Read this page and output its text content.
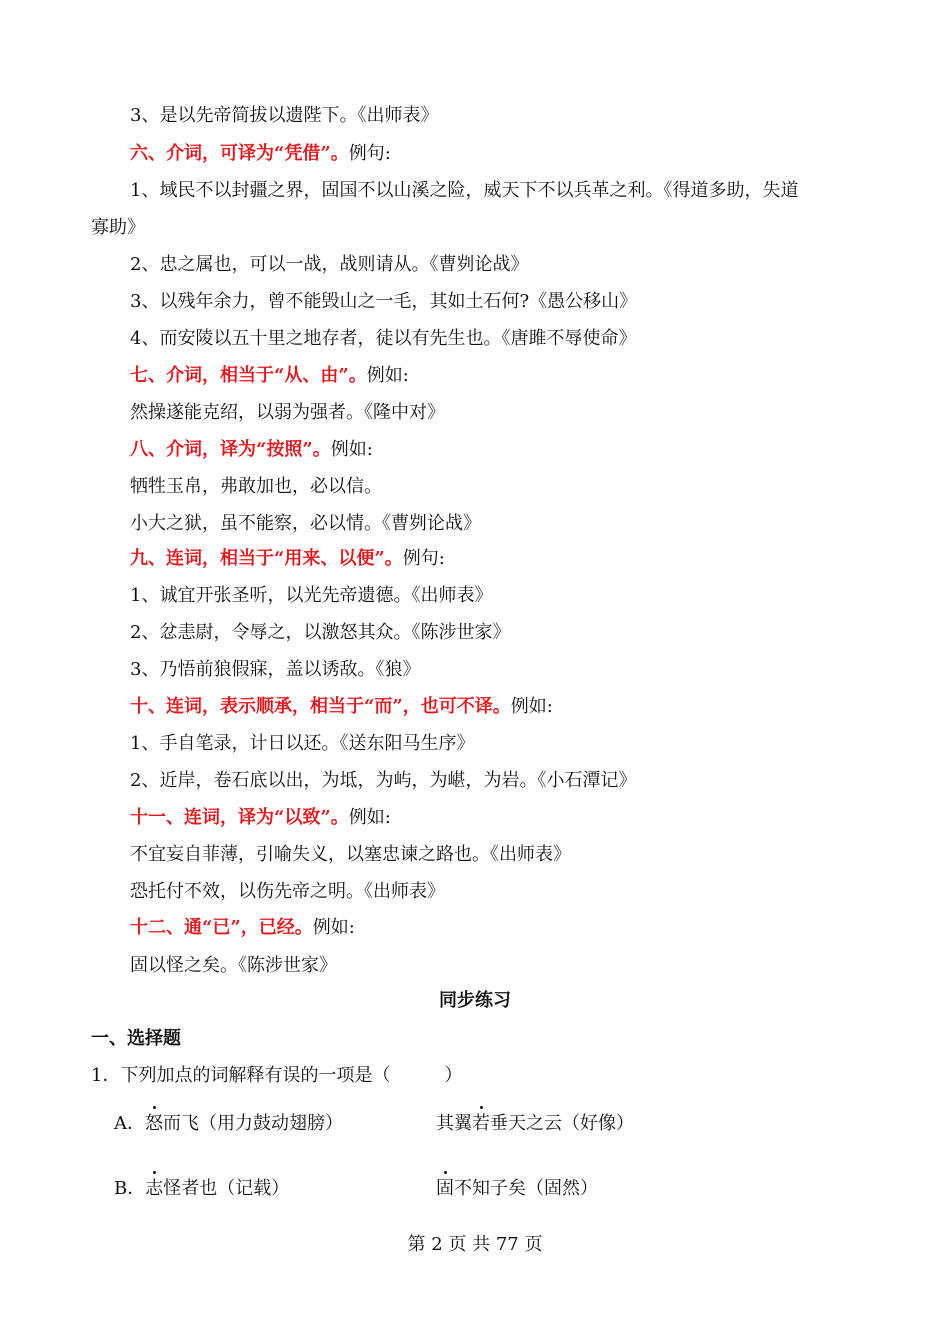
3、是以先帝简拔以遗陛下。《出师表》
六、介词，可译为“凭借”。例句:
1、域民不以封疆之界，固国不以山溪之险，威天下不以兵革之利。《得道多助，失道
寡助》
2、忠之属也，可以一战，战则请从。《曹刿论战》
3、以残年余力，曾不能毁山之一毛，其如土石何?《愚公移山》
4、而安陵以五十里之地存者，徒以有先生也。《唐雎不辱使命》
七、介词，相当于“从、由”。例如:
然操遂能克绍，以弱为强者。《隆中对》
八、介词，译为“按照”。例如:
牺牲玉帛，弗敢加也，必以信。
小大之狱，虽不能察，必以情。《曹刿论战》
九、连词，相当于“用来、以便”。例句:
1、诚宜开张圣听，以光先帝遗德。《出师表》
2、忿恚尉，令辱之，以激怒其众。《陈涉世家》
3、乃悟前狼假寐，盖以诱敌。《狼》
十、连词，表示顺承，相当于“而”，也可不译。例如:
1、手自笔录，计日以还。《送东阳马生序》
2、近岸，卷石底以出，为坻，为屿，为嵁，为岩。《小石潭记》
十一、连词，译为“以致”。例如:
不宜妄自菲薄，引喻失义，以塞忠谏之路也。《出师表》
恐托付不效，以伤先帝之明。《出师表》
十二、通“已”，已经。例如:
固以怪之矣。《陈涉世家》
同步练习
一、选择题
1．下列加点的词解释有误的一项是（　　　）
A．怒而飞（用力鼓动翅膀）	其翼若垂天之云（好像）
B．志怪者也（记载）	固不知子矣（固然）
第 2 页 共 77 页
